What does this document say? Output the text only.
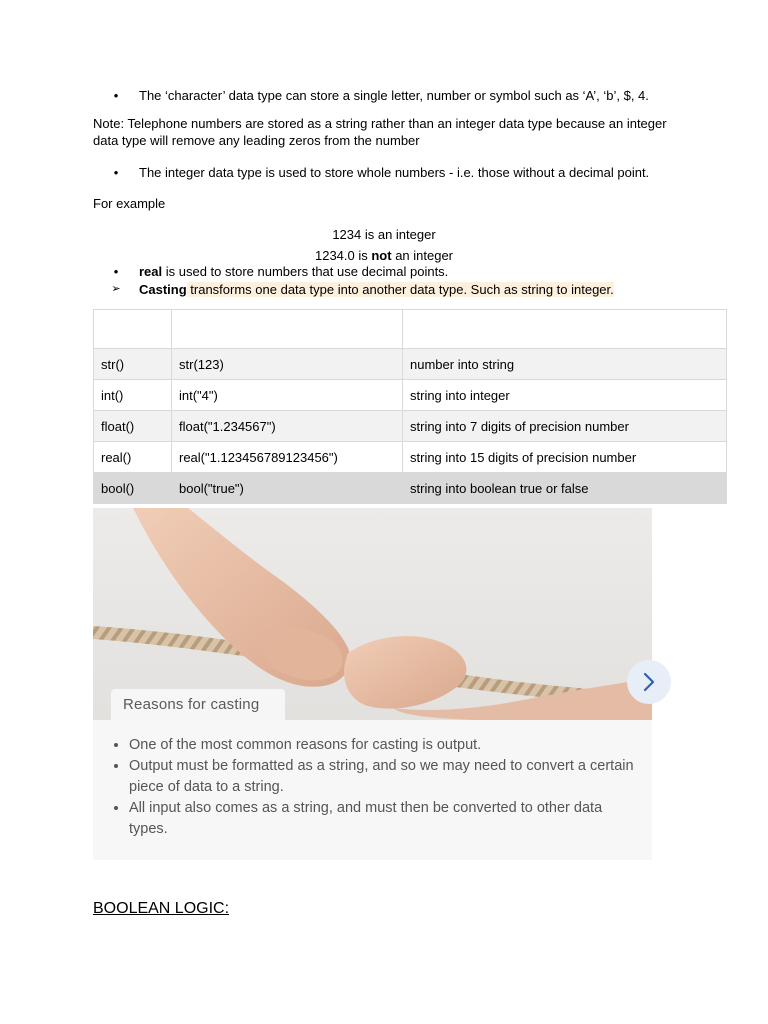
•	The ‘character’ data type can store a single letter, number or symbol such as ‘A’, ‘b’, $, 4.
Note: Telephone numbers are stored as a string rather than an integer data type because an integer data type will remove any leading zeros from the number
•	The integer data type is used to store whole numbers - i.e. those without a decimal point.
For example
1234 is an integer
1234.0 is not an integer
•	real is used to store numbers that use decimal points.
➢	Casting transforms one data type into another data type. Such as string to integer.

str()	str(123)	number into string
int()	int("4")	string into integer
float()	float("1.234567")	string into 7 digits of precision number
real()	real("1.123456789123456")	string into 15 digits of precision number
bool()	bool("true")	string into boolean true or false
Reasons for casting
• One of the most common reasons for casting is output.
• Output must be formatted as a string, and so we may need to convert a certain piece of data to a string.
• All input also comes as a string, and must then be converted to other data types.
BOOLEAN LOGIC:
